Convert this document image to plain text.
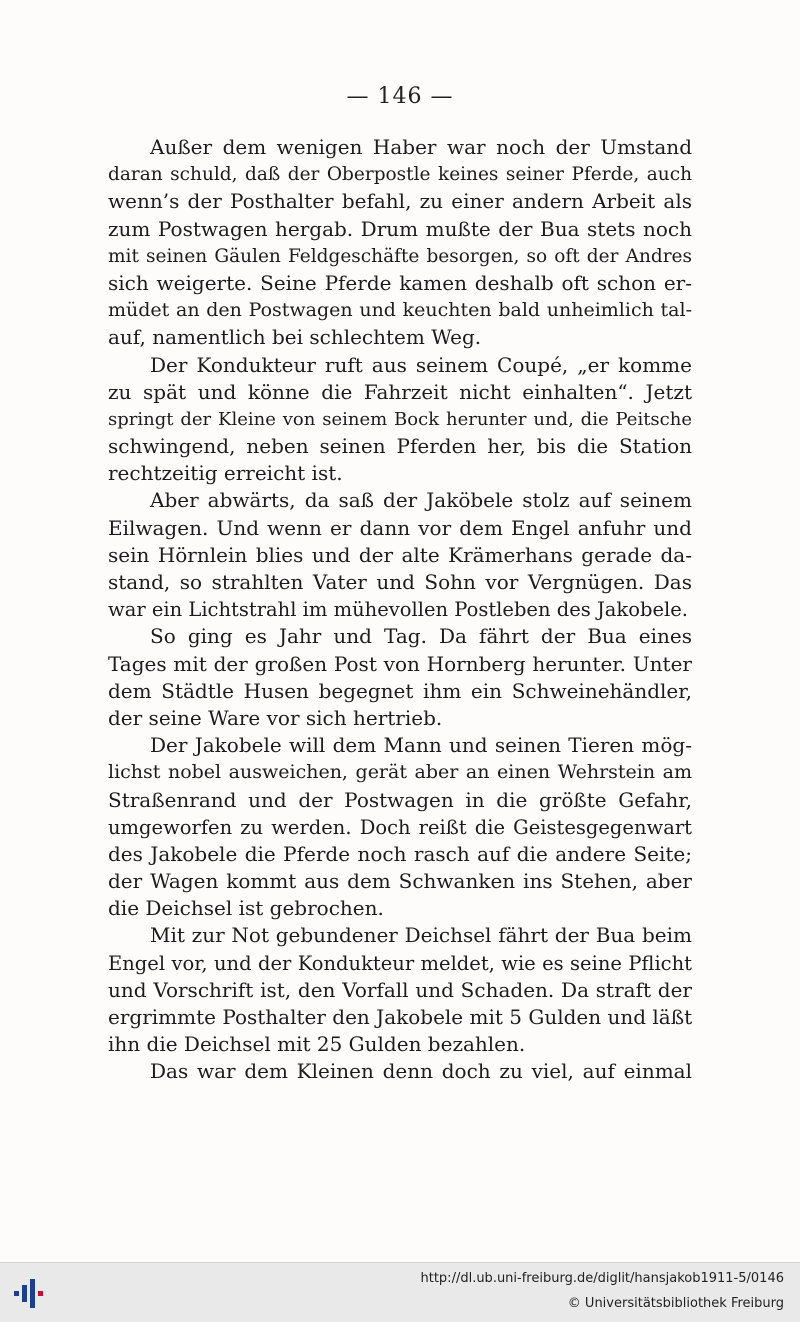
— 146 —
Außer dem wenigen Haber war noch der Umstand
daran schuld, daß der Oberpostle keines seiner Pferde, auch
wenn’s der Posthalter befahl, zu einer andern Arbeit als
zum Postwagen hergab. Drum mußte der Bua stets noch
mit seinen Gäulen Feldgeschäfte besorgen, so oft der Andres
sich weigerte. Seine Pferde kamen deshalb oft schon er-
müdet an den Postwagen und keuchten bald unheimlich tal-
auf, namentlich bei schlechtem Weg.
Der Kondukteur ruft aus seinem Coupé, „er komme
zu spät und könne die Fahrzeit nicht einhalten“. Jetzt
springt der Kleine von seinem Bock herunter und, die Peitsche
schwingend, neben seinen Pferden her, bis die Station
rechtzeitig erreicht ist.
Aber abwärts, da saß der Jaköbele stolz auf seinem
Eilwagen. Und wenn er dann vor dem Engel anfuhr und
sein Hörnlein blies und der alte Krämerhans gerade da-
stand, so strahlten Vater und Sohn vor Vergnügen. Das
war ein Lichtstrahl im mühevollen Postleben des Jakobele.
So ging es Jahr und Tag. Da fährt der Bua eines
Tages mit der großen Post von Hornberg herunter. Unter
dem Städtle Husen begegnet ihm ein Schweinehändler,
der seine Ware vor sich hertrieb.
Der Jakobele will dem Mann und seinen Tieren mög-
lichst nobel ausweichen, gerät aber an einen Wehrstein am
Straßenrand und der Postwagen in die größte Gefahr,
umgeworfen zu werden. Doch reißt die Geistesgegenwart
des Jakobele die Pferde noch rasch auf die andere Seite;
der Wagen kommt aus dem Schwanken ins Stehen, aber
die Deichsel ist gebrochen.
Mit zur Not gebundener Deichsel fährt der Bua beim
Engel vor, und der Kondukteur meldet, wie es seine Pflicht
und Vorschrift ist, den Vorfall und Schaden. Da straft der
ergrimmte Posthalter den Jakobele mit 5 Gulden und läßt
ihn die Deichsel mit 25 Gulden bezahlen.
Das war dem Kleinen denn doch zu viel, auf einmal
http://dl.ub.uni-freiburg.de/diglit/hansjakob1911-5/0146
© Universitätsbibliothek Freiburg
